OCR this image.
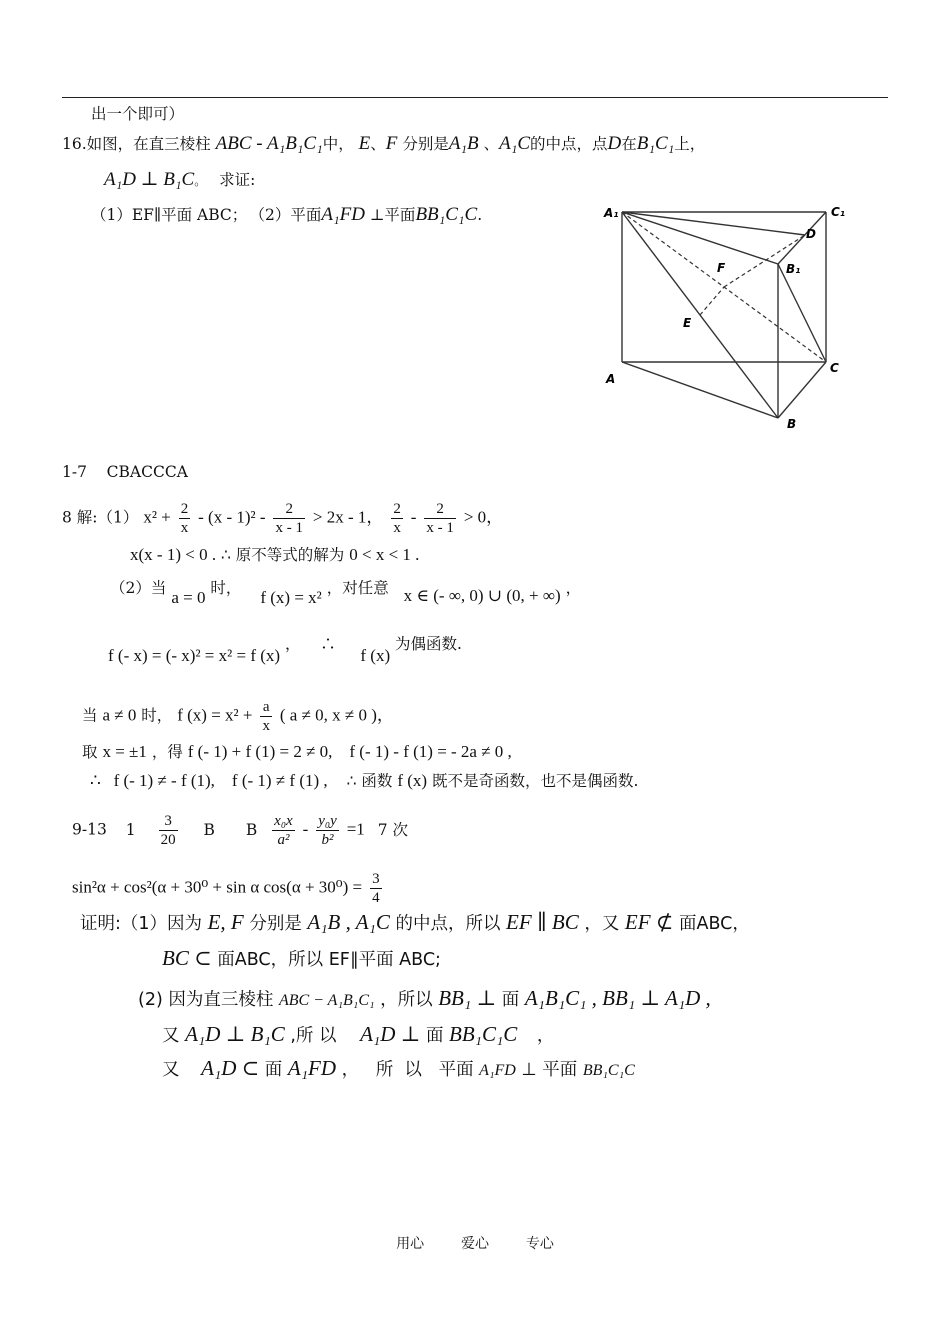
出一个即可）
16.如图，在直三棱柱 ABC - A₁B₁C₁中， E、F 分别是A₁B 、A₁C的中点，点D在B₁C₁上，
A₁D ⊥ B₁C。 求证:
（1）EF∥平面 ABC； （2）平面A₁FD ⊥平面BB₁C₁C.	A₁	C₁
D
F	B₁
E
A
C
B
1-7    CBACCCA
8 解:（1） $x^2 + \frac{2}{x} - (x - 1)^2 - \frac{2}{x - 1} > 2x - 1$， $\frac{2}{x} - \frac{2}{x - 1} > 0$，
x(x - 1) < 0 . ∴ 原不等式的解为 0 < x < 1 .
（2）当 a = 0 时， f (x) = x² ，对任意 x ∈ (- ∞, 0) ∪ (0, + ∞) ，
f (- x) = (- x)² = x² = f (x) ，    ∴     f (x) 为偶函数.
当 a ≠ 0 时， f $(x) = x^2 + \frac{a}{x}$ ( a ≠ 0, x ≠ 0 )，
取 x = ±1 ，得 f (- 1) + f (1) = 2 ≠ 0,    f (- 1) - f (1) = - 2a ≠ 0 ,
∴   f (- 1) ≠ - f (1),    f (- 1) ≠ f (1) , ∴ 函数 f (x) 既不是奇函数，也不是偶函数.
9-13 $1 \frac{3}{20}$ B B $\frac{\text{x₀x}}{\text{a²}} - \frac{\text{y₀y}}{\text{b²}} =1$ 7 次
sin²α + cos²(α + 30⁰ + sin α $\cos(\alpha + 30^0) = \frac{3}{4}$
证明:（1）因为 E, F 分别是 A₁B , A₁C 的中点，所以 EF ∥ BC ，又 EF ⊄ 面ABC，
BC ⊂ 面ABC，所以 EF∥平面 ABC;
(2) 因为直三棱柱 ABC − A₁B₁C₁ ，所以 BB₁ ⊥ 面 A₁B₁C₁ , BB₁ ⊥ A₁D ,
又 A₁D ⊥ B₁C ,所 以 A₁D ⊥ 面 BB₁C₁C ，
又 A₁D ⊂ 面 A₁FD ，   所  以   平面 A₁FD ⊥ 平面 BB₁C₁C
用心  爱心  专心
